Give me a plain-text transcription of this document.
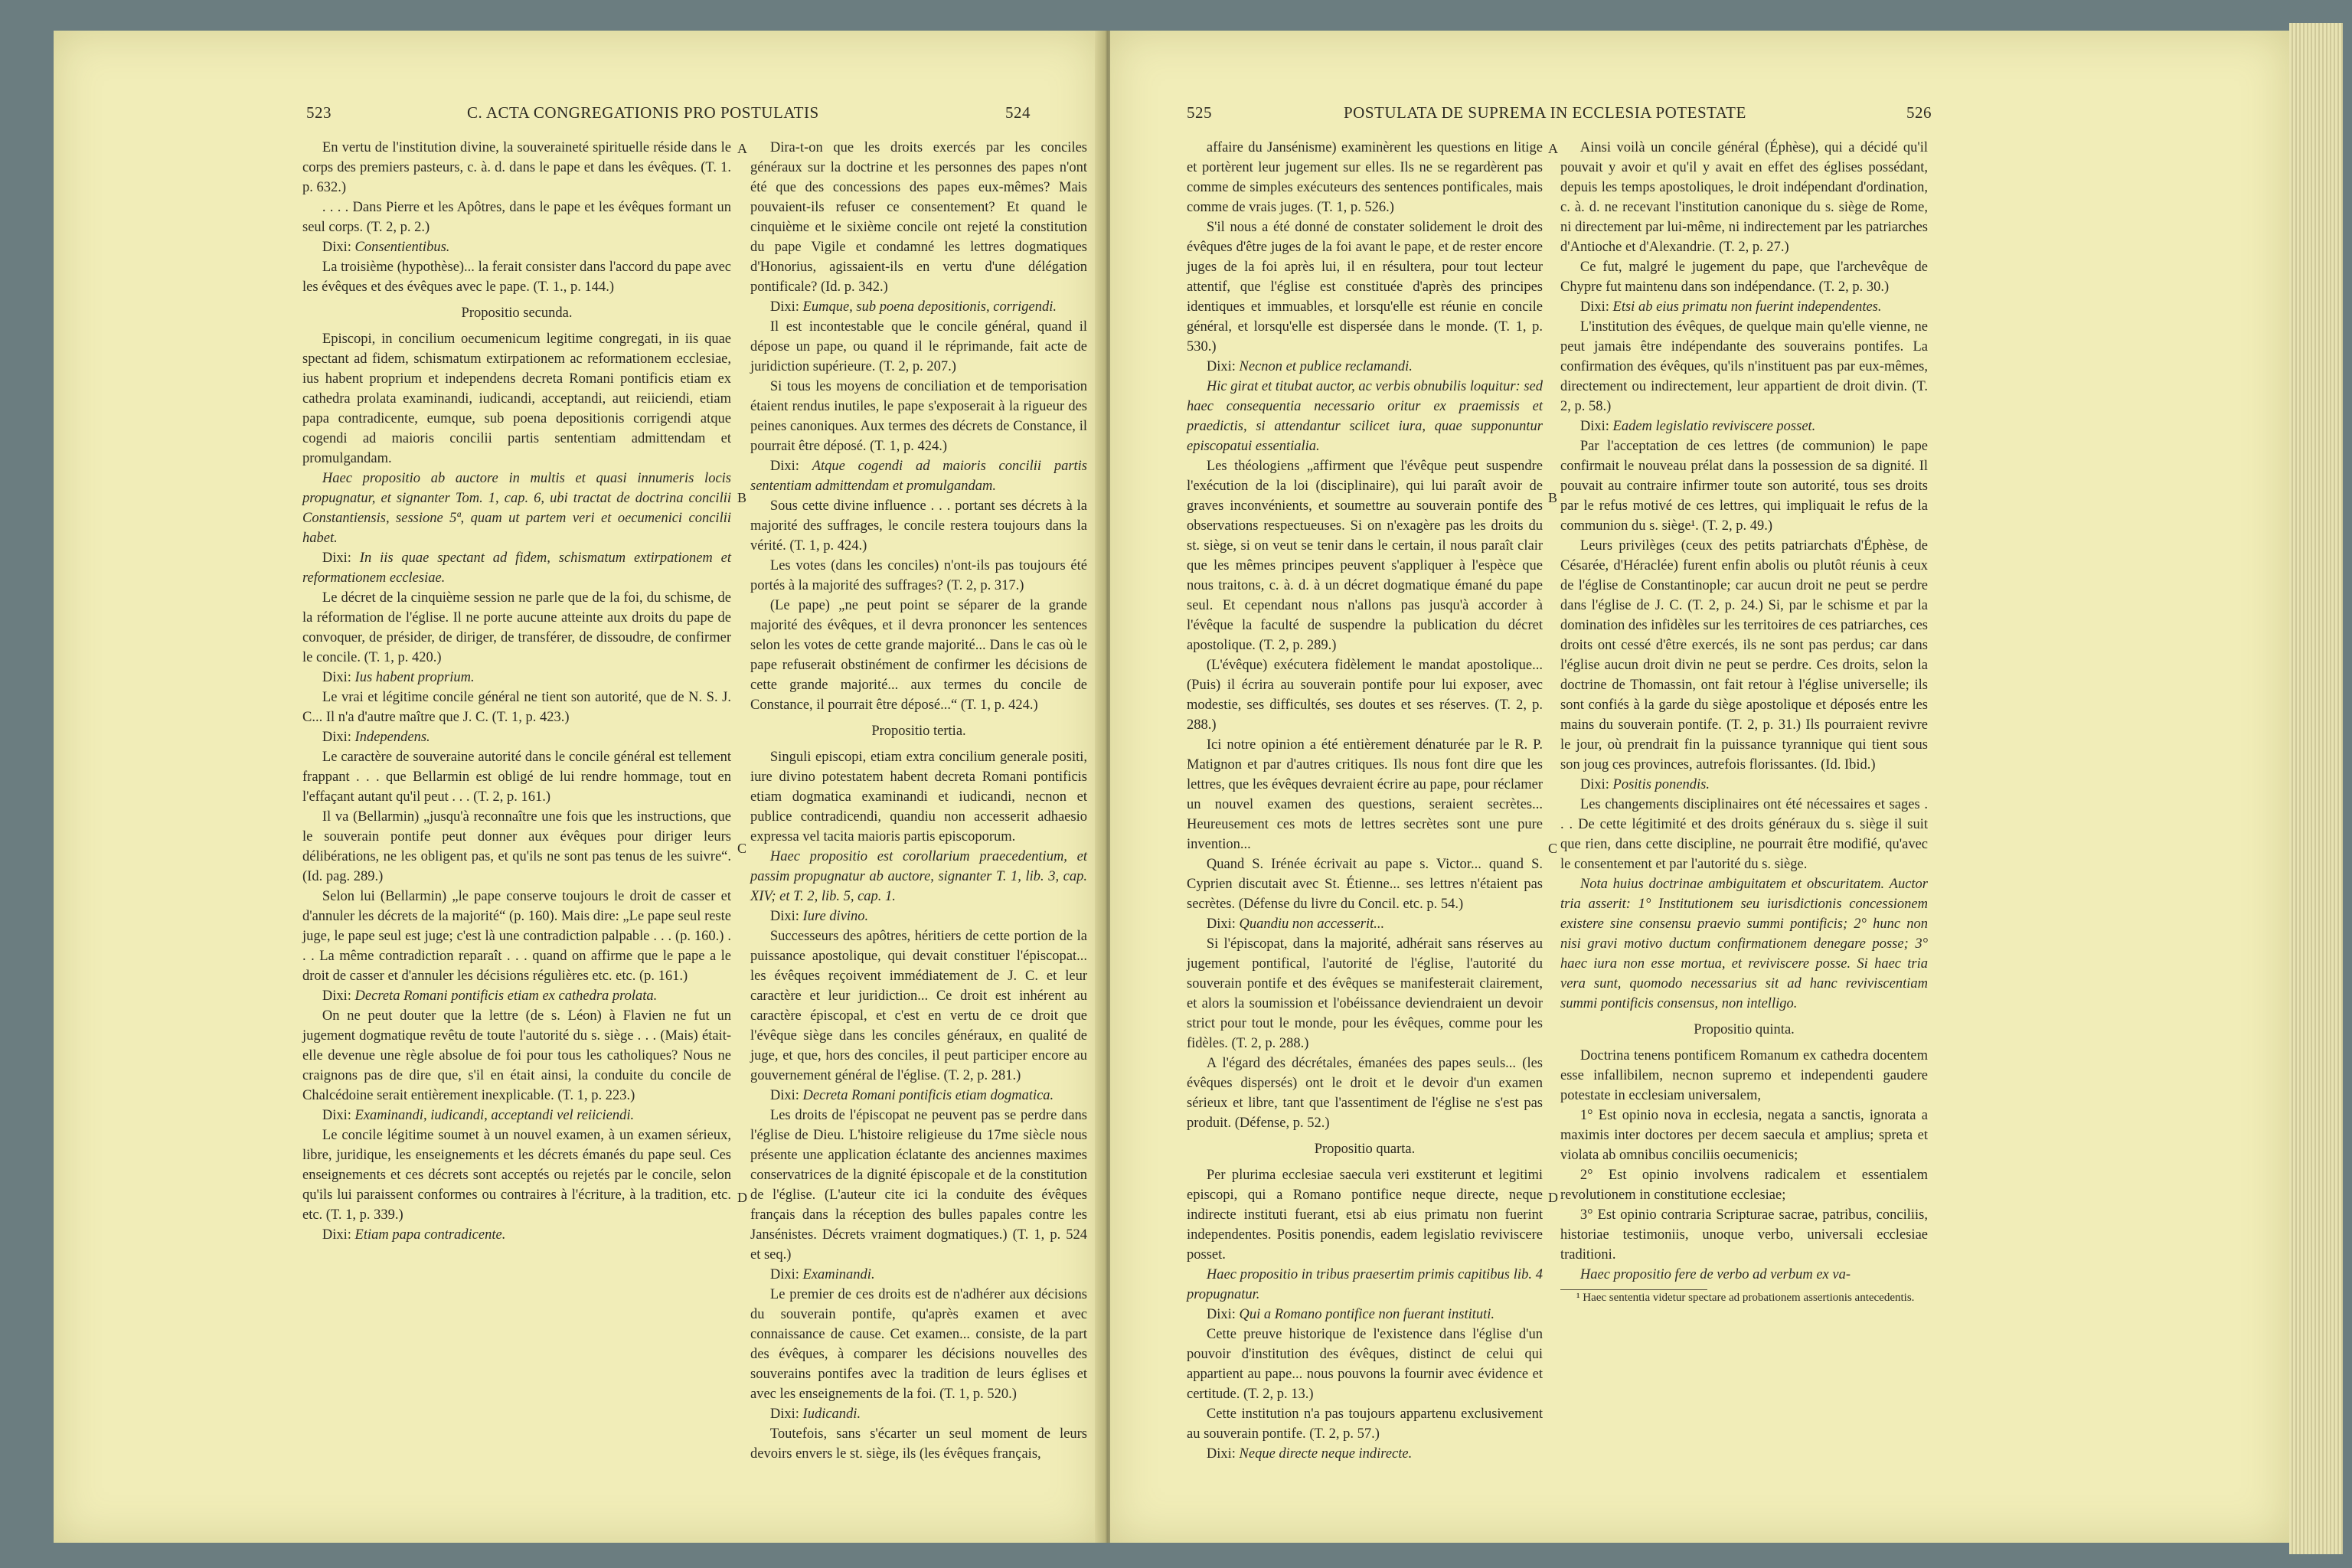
523	C. ACTA CONGREGATIONIS PRO POSTULATIS	524

En vertu de l'institution divine, la souveraineté spirituelle réside dans le corps des premiers pasteurs, c. à. d. dans le pape et dans les évêques. (T. 1. p. 632.)

. . . . Dans Pierre et les Apôtres, dans le pape et les évêques formant un seul corps. (T. 2, p. 2.)

Dixi: Consentientibus.

La troisième (hypothèse)... la ferait consister dans l'accord du pape avec les évêques et des évêques avec le pape. (T. 1., p. 144.)

Propositio secunda.

Episcopi, in concilium oecumenicum legitime congregati, in iis quae spectant ad fidem, schismatum extirpationem ac reformationem ecclesiae, ius habent proprium et independens decreta Romani pontificis etiam ex cathedra prolata examinandi, iudicandi, acceptandi, aut reiiciendi, etiam papa contradicente, eumque, sub poena depositionis corrigendi atque cogendi ad maioris concilii partis sententiam admittendam et promulgandam.

Haec propositio ab auctore in multis et quasi innumeris locis propugnatur, et signanter Tom. 1, cap. 6, ubi tractat de doctrina concilii Constantiensis, sessione 5ª, quam ut partem veri et oecumenici concilii habet.

Dixi: In iis quae spectant ad fidem, schismatum extirpationem et reformationem ecclesiae.

Le décret de la cinquième session ne parle que de la foi, du schisme, de la réformation de l'église. Il ne porte aucune atteinte aux droits du pape de convoquer, de présider, de diriger, de transférer, de dissoudre, de confirmer le concile. (T. 1, p. 420.)

Dixi: Ius habent proprium.

Le vrai et légitime concile général ne tient son autorité, que de N. S. J. C... Il n'a d'autre maître que J. C. (T. 1, p. 423.)

Dixi: Independens.

Le caractère de souveraine autorité dans le concile général est tellement frappant . . . que Bellarmin est obligé de lui rendre hommage, tout en l'effaçant autant qu'il peut . . . (T. 2, p. 161.)

Il va (Bellarmin) „jusqu'à reconnaître une fois que les instructions, que le souverain pontife peut donner aux évêques pour diriger leurs délibérations, ne les obligent pas, et qu'ils ne sont pas tenus de les suivre“. (Id. pag. 289.)

Selon lui (Bellarmin) „le pape conserve toujours le droit de casser et d'annuler les décrets de la majorité“ (p. 160). Mais dire: „Le pape seul reste juge, le pape seul est juge; c'est là une contradiction palpable . . . (p. 160.) . . . La même contradiction reparaît . . . quand on affirme que le pape a le droit de casser et d'annuler les décisions régulières etc. etc. (p. 161.)

Dixi: Decreta Romani pontificis etiam ex cathedra prolata.

On ne peut douter que la lettre (de s. Léon) à Flavien ne fut un jugement dogmatique revêtu de toute l'autorité du s. siège . . . (Mais) était-elle devenue une règle absolue de foi pour tous les catholiques? Nous ne craignons pas de dire que, s'il en était ainsi, la conduite du concile de Chalcédoine serait entièrement inexplicable. (T. 1, p. 223.)

Dixi: Examinandi, iudicandi, acceptandi vel reiiciendi.

Le concile légitime soumet à un nouvel examen, à un examen sérieux, libre, juridique, les enseignements et les décrets émanés du pape seul. Ces enseignements et ces décrets sont acceptés ou rejetés par le concile, selon qu'ils lui paraissent conformes ou contraires à l'écriture, à la tradition, etc. etc. (T. 1, p. 339.)

Dixi: Etiam papa contradicente.

A
B
C
D

Dira-t-on que les droits exercés par les conciles généraux sur la doctrine et les personnes des papes n'ont été que des concessions des papes eux-mêmes? Mais pouvaient-ils refuser ce consentement? Et quand le cinquième et le sixième concile ont rejeté la constitution du pape Vigile et condamné les lettres dogmatiques d'Honorius, agissaient-ils en vertu d'une délégation pontificale? (Id. p. 342.)

Dixi: Eumque, sub poena depositionis, corrigendi.

Il est incontestable que le concile général, quand il dépose un pape, ou quand il le réprimande, fait acte de juridiction supérieure. (T. 2, p. 207.)

Si tous les moyens de conciliation et de temporisation étaient rendus inutiles, le pape s'exposerait à la rigueur des peines canoniques. Aux termes des décrets de Constance, il pourrait être déposé. (T. 1, p. 424.)

Dixi: Atque cogendi ad maioris concilii partis sententiam admittendam et promulgandam.

Sous cette divine influence . . . portant ses décrets à la majorité des suffrages, le concile restera toujours dans la vérité. (T. 1, p. 424.)

Les votes (dans les conciles) n'ont-ils pas toujours été portés à la majorité des suffrages? (T. 2, p. 317.)

(Le pape) „ne peut point se séparer de la grande majorité des évêques, et il devra prononcer les sentences selon les votes de cette grande majorité... Dans le cas où le pape refuserait obstinément de confirmer les décisions de cette grande majorité... aux termes du concile de Constance, il pourrait être déposé...“ (T. 1, p. 424.)

Propositio tertia.

Singuli episcopi, etiam extra concilium generale positi, iure divino potestatem habent decreta Romani pontificis etiam dogmatica examinandi et iudicandi, necnon et publice contradicendi, quandiu non accesserit adhaesio expressa vel tacita maioris partis episcoporum.

Haec propositio est corollarium praecedentium, et passim propugnatur ab auctore, signanter T. 1, lib. 3, cap. XIV; et T. 2, lib. 5, cap. 1.

Dixi: Iure divino.

Successeurs des apôtres, héritiers de cette portion de la puissance apostolique, qui devait constituer l'épiscopat... les évêques reçoivent immédiatement de J. C. et leur caractère et leur juridiction... Ce droit est inhérent au caractère épiscopal, et c'est en vertu de ce droit que l'évêque siège dans les conciles généraux, en qualité de juge, et que, hors des conciles, il peut participer encore au gouvernement général de l'église. (T. 2, p. 281.)

Dixi: Decreta Romani pontificis etiam dogmatica.

Les droits de l'épiscopat ne peuvent pas se perdre dans l'église de Dieu. L'histoire religieuse du 17me siècle nous présente une application éclatante des anciennes maximes conservatrices de la dignité épiscopale et de la constitution de l'église. (L'auteur cite ici la conduite des évêques français dans la réception des bulles papales contre les Jansénistes. Décrets vraiment dogmatiques.) (T. 1, p. 524 et seq.)

Dixi: Examinandi.

Le premier de ces droits est de n'adhérer aux décisions du souverain pontife, qu'après examen et avec connaissance de cause. Cet examen... consiste, de la part des évêques, à comparer les décisions nouvelles des souverains pontifes avec la tradition de leurs églises et avec les enseignements de la foi. (T. 1, p. 520.)

Dixi: Iudicandi.

Toutefois, sans s'écarter un seul moment de leurs devoirs envers le st. siège, ils (les évêques français,

525	POSTULATA DE SUPREMA IN ECCLESIA POTESTATE	526

affaire du Jansénisme) examinèrent les questions en litige et portèrent leur jugement sur elles. Ils ne se regardèrent pas comme de simples exécuteurs des sentences pontificales, mais comme de vrais juges. (T. 1, p. 526.)

S'il nous a été donné de constater solidement le droit des évêques d'être juges de la foi avant le pape, et de rester encore juges de la foi après lui, il en résultera, pour tout lecteur attentif, que l'église est constituée d'après des principes identiques et immuables, et lorsqu'elle est réunie en concile général, et lorsqu'elle est dispersée dans le monde. (T. 1, p. 530.)

Dixi: Necnon et publice reclamandi.

Hic girat et titubat auctor, ac verbis obnubilis loquitur: sed haec consequentia necessario oritur ex praemissis et praedictis, si attendantur scilicet iura, quae supponuntur episcopatui essentialia.

Les théologiens „affirment que l'évêque peut suspendre l'exécution de la loi (disciplinaire), qui lui paraît avoir de graves inconvénients, et soumettre au souverain pontife des observations respectueuses. Si on n'exagère pas les droits du st. siège, si on veut se tenir dans le certain, il nous paraît clair que les mêmes principes peuvent s'appliquer à l'espèce que nous traitons, c. à. d. à un décret dogmatique émané du pape seul. Et cependant nous n'allons pas jusqu'à accorder à l'évêque la faculté de suspendre la publication du décret apostolique. (T. 2, p. 289.)

(L'évêque) exécutera fidèlement le mandat apostolique... (Puis) il écrira au souverain pontife pour lui exposer, avec modestie, ses difficultés, ses doutes et ses réserves. (T. 2, p. 288.)

Ici notre opinion a été entièrement dénaturée par le R. P. Matignon et par d'autres critiques. Ils nous font dire que les lettres, que les évêques devraient écrire au pape, pour réclamer un nouvel examen des questions, seraient secrètes... Heureusement ces mots de lettres secrètes sont une pure invention...

Quand S. Irénée écrivait au pape s. Victor... quand S. Cyprien discutait avec St. Étienne... ses lettres n'étaient pas secrètes. (Défense du livre du Concil. etc. p. 54.)

Dixi: Quandiu non accesserit...

Si l'épiscopat, dans la majorité, adhérait sans réserves au jugement pontifical, l'autorité de l'église, l'autorité du souverain pontife et des évêques se manifesterait clairement, et alors la soumission et l'obéissance deviendraient un devoir strict pour tout le monde, pour les évêques, comme pour les fidèles. (T. 2, p. 288.)

A l'égard des décrétales, émanées des papes seuls... (les évêques dispersés) ont le droit et le devoir d'un examen sérieux et libre, tant que l'assentiment de l'église ne s'est pas produit. (Défense, p. 52.)

Propositio quarta.

Per plurima ecclesiae saecula veri exstiterunt et legitimi episcopi, qui a Romano pontifice neque directe, neque indirecte instituti fuerant, etsi ab eius primatu non fuerint independentes. Positis ponendis, eadem legislatio reviviscere posset.

Haec propositio in tribus praesertim primis capitibus lib. 4 propugnatur.

Dixi: Qui a Romano pontifice non fuerant instituti.

Cette preuve historique de l'existence dans l'église d'un pouvoir d'institution des évêques, distinct de celui qui appartient au pape... nous pouvons la fournir avec évidence et certitude. (T. 2, p. 13.)

Cette institution n'a pas toujours appartenu exclusivement au souverain pontife. (T. 2, p. 57.)

Dixi: Neque directe neque indirecte.

A
B
C
D

Ainsi voilà un concile général (Éphèse), qui a décidé qu'il pouvait y avoir et qu'il y avait en effet des églises possédant, depuis les temps apostoliques, le droit indépendant d'ordination, c. à. d. ne recevant l'institution canonique du s. siège de Rome, ni directement par lui-même, ni indirectement par les patriarches d'Antioche et d'Alexandrie. (T. 2, p. 27.)

Ce fut, malgré le jugement du pape, que l'archevêque de Chypre fut maintenu dans son indépendance. (T. 2, p. 30.)

Dixi: Etsi ab eius primatu non fuerint independentes.

L'institution des évêques, de quelque main qu'elle vienne, ne peut jamais être indépendante des souverains pontifes. La confirmation des évêques, qu'ils n'instituent pas par eux-mêmes, directement ou indirectement, leur appartient de droit divin. (T. 2, p. 58.)

Dixi: Eadem legislatio reviviscere posset.

Par l'acceptation de ces lettres (de communion) le pape confirmait le nouveau prélat dans la possession de sa dignité. Il pouvait au contraire infirmer toute son autorité, tous ses droits par le refus motivé de ces lettres, qui impliquait le refus de la communion du s. siège¹. (T. 2, p. 49.)

Leurs privilèges (ceux des petits patriarchats d'Éphèse, de Césarée, d'Héraclée) furent enfin abolis ou plutôt réunis à ceux de l'église de Constantinople; car aucun droit ne peut se perdre dans l'église de J. C. (T. 2, p. 24.) Si, par le schisme et par la domination des infidèles sur les territoires de ces patriarches, ces droits ont cessé d'être exercés, ils ne sont pas perdus; car dans l'église aucun droit divin ne peut se perdre. Ces droits, selon la doctrine de Thomassin, ont fait retour à l'église universelle; ils sont confiés à la garde du siège apostolique et déposés entre les mains du souverain pontife. (T. 2, p. 31.) Ils pourraient revivre le jour, où prendrait fin la puissance tyrannique qui tient sous son joug ces provinces, autrefois florissantes. (Id. Ibid.)

Dixi: Positis ponendis.

Les changements disciplinaires ont été nécessaires et sages . . . De cette légitimité et des droits généraux du s. siège il suit que rien, dans cette discipline, ne pourrait être modifié, qu'avec le consentement et par l'autorité du s. siège.

Nota huius doctrinae ambiguitatem et obscuritatem. Auctor tria asserit: 1° Institutionem seu iurisdictionis concessionem existere sine consensu praevio summi pontificis; 2° hunc non nisi gravi motivo ductum confirmationem denegare posse; 3° haec iura non esse mortua, et reviviscere posse. Si haec tria vera sunt, quomodo necessarius sit ad hanc reviviscentiam summi pontificis consensus, non intelligo.

Propositio quinta.

Doctrina tenens pontificem Romanum ex cathedra docentem esse infallibilem, necnon supremo et independenti gaudere potestate in ecclesiam universalem,

1° Est opinio nova in ecclesia, negata a sanctis, ignorata a maximis inter doctores per decem saecula et amplius; spreta et violata ab omnibus conciliis oecumenicis;

2° Est opinio involvens radicalem et essentialem revolutionem in constitutione ecclesiae;

3° Est opinio contraria Scripturae sacrae, patribus, conciliis, historiae testimoniis, unoque verbo, universali ecclesiae traditioni.

Haec propositio fere de verbo ad verbum ex va-

¹ Haec sententia videtur spectare ad probationem assertionis antecedentis.
